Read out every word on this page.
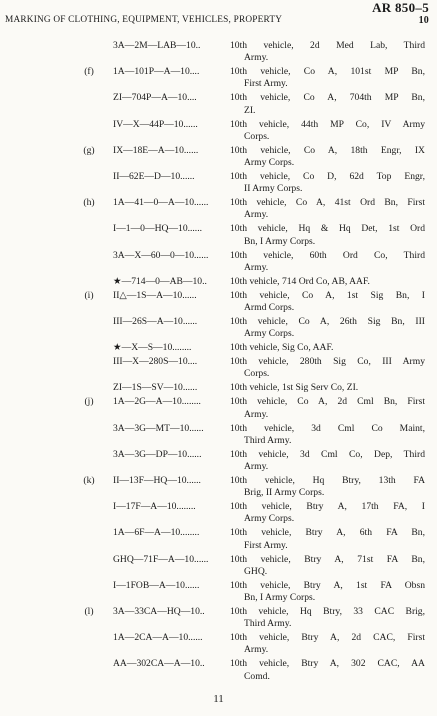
AR 850–5
MARKING OF CLOTHING, EQUIPMENT, VEHICLES, PROPERTY	10
3A—2M—LAB—10..	10th vehicle, 2d Med Lab, Third
Army.
(f)	1A—101P—A—10....	10th vehicle, Co A, 101st MP Bn,
First Army.
ZI—704P—A—10....	10th vehicle, Co A, 704th MP Bn,
ZI.
IV—X—44P—10......	10th vehicle, 44th MP Co, IV Army
Corps.
(g)	IX—18E—A—10......	10th vehicle, Co A, 18th Engr, IX
Army Corps.
II—62E—D—10......	10th vehicle, Co D, 62d Top Engr,
II Army Corps.
(h)	1A—41—0—A—10......	10th vehicle, Co A, 41st Ord Bn, First
Army.
I—1—0—HQ—10......	10th vehicle, Hq & Hq Det, 1st Ord
Bn, I Army Corps.
3A—X—60—0—10......	10th vehicle, 60th Ord Co, Third
Army.
★—714—0—AB—10..	10th vehicle, 714 Ord Co, AB, AAF.
(i)	II△—1S—A—10......	10th vehicle, Co A, 1st Sig Bn, I
Armd Corps.
III—26S—A—10......	10th vehicle, Co A, 26th Sig Bn, III
Army Corps.
★—X—S—10........	10th vehicle, Sig Co, AAF.
III—X—280S—10....	10th vehicle, 280th Sig Co, III Army
Corps.
ZI—1S—SV—10......	10th vehicle, 1st Sig Serv Co, ZI.
(j)	1A—2G—A—10........	10th vehicle, Co A, 2d Cml Bn, First
Army.
3A—3G—MT—10......	10th vehicle, 3d Cml Co Maint,
Third Army.
3A—3G—DP—10......	10th vehicle, 3d Cml Co, Dep, Third
Army.
(k)	II—13F—HQ—10......	10th vehicle, Hq Btry, 13th FA
Brig, II Army Corps.
I—17F—A—10........	10th vehicle, Btry A, 17th FA, I
Army Corps.
1A—6F—A—10........	10th vehicle, Btry A, 6th FA Bn,
First Army.
GHQ—71F—A—10......	10th vehicle, Btry A, 71st FA Bn,
GHQ.
I—1FOB—A—10......	10th vehicle, Btry A, 1st FA Obsn
Bn, I Army Corps.
(l)	3A—33CA—HQ—10..	10th vehicle, Hq Btry, 33 CAC Brig,
Third Army.
1A—2CA—A—10......	10th vehicle, Btry A, 2d CAC, First
Army.
AA—302CA—A—10..	10th vehicle, Btry A, 302 CAC, AA
Comd.
11
